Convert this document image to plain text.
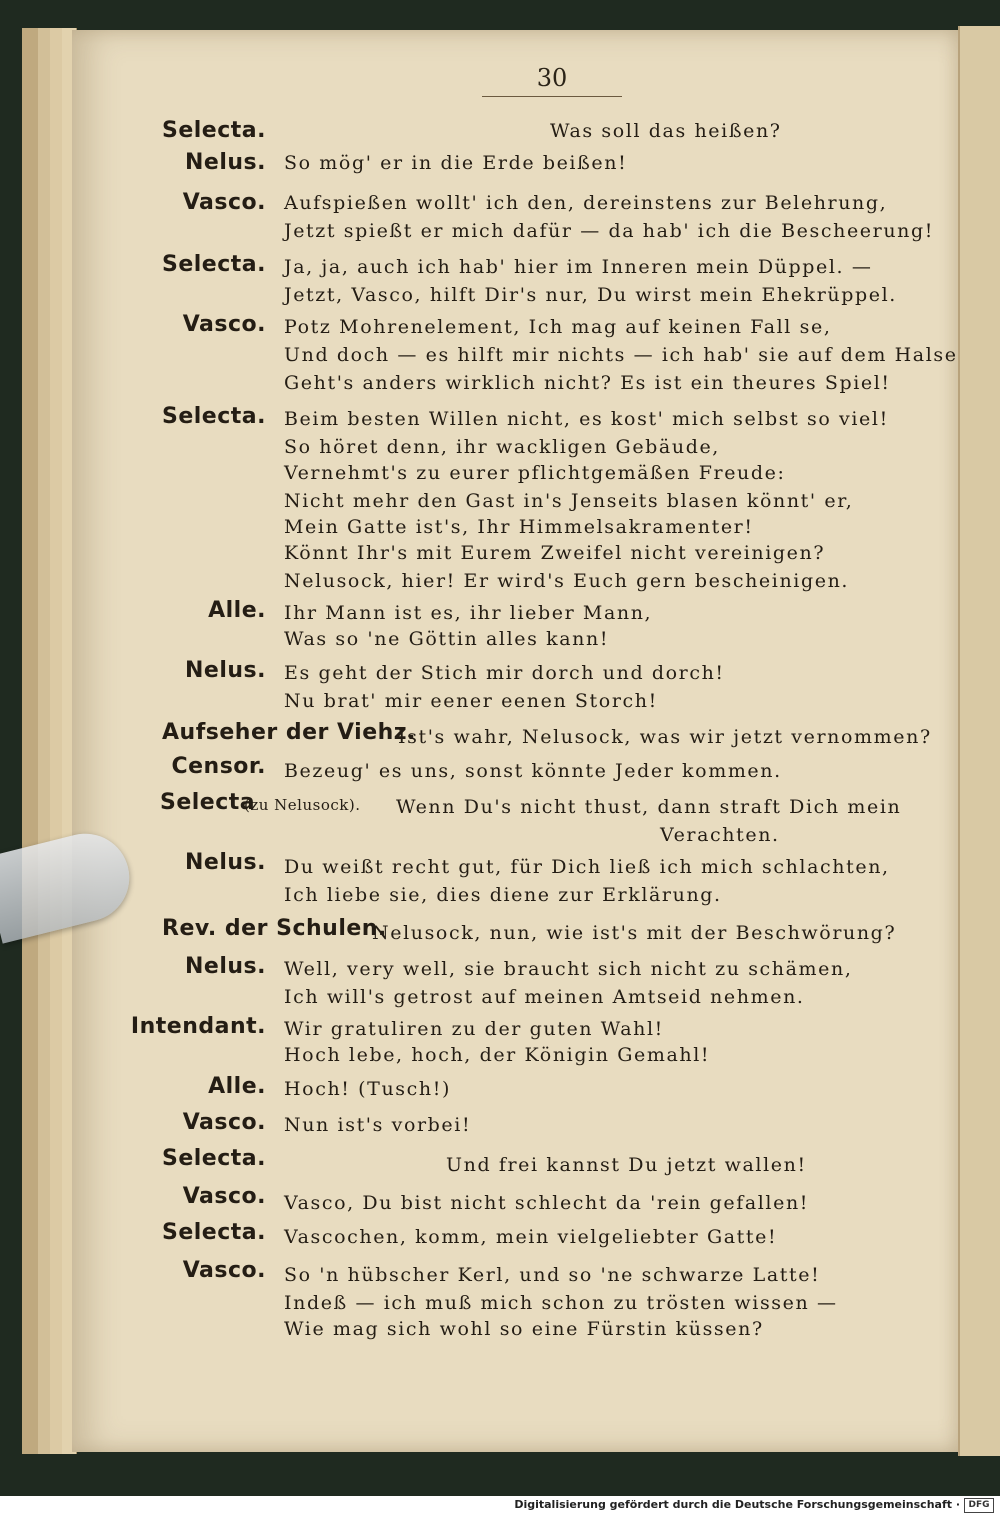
30
Selecta.	Was soll das heißen?
Nelus. So mög' er in die Erde beißen!
Vasco. Aufspießen wollt' ich den, dereinstens zur Belehrung,
Jetzt spießt er mich dafür — da hab' ich die Bescheerung!
Selecta. Ja, ja, auch ich hab' hier im Inneren mein Düppel. —
Jetzt, Vasco, hilft Dir's nur, Du wirst mein Ehekrüppel.
Vasco. Potz Mohrenelement, Ich mag auf keinen Fall se,
Und doch — es hilft mir nichts — ich hab' sie auf dem Halse
Geht's anders wirklich nicht? Es ist ein theures Spiel!
Selecta. Beim besten Willen nicht, es kost' mich selbst so viel!
So höret denn, ihr wackligen Gebäude,
Vernehmt's zu eurer pflichtgemäßen Freude:
Nicht mehr den Gast in's Jenseits blasen könnt' er,
Mein Gatte ist's, Ihr Himmelsakramenter!
Könnt Ihr's mit Eurem Zweifel nicht vereinigen?
Nelusock, hier! Er wird's Euch gern bescheinigen.
Alle. Ihr Mann ist es, ihr lieber Mann,
Was so 'ne Göttin alles kann!
Nelus. Es geht der Stich mir dorch und dorch!
Nu brat' mir eener eenen Storch!
Aufseher der Viehz.
Ist's wahr, Nelusock, was wir jetzt vernommen?
Censor. Bezeug' es uns, sonst könnte Jeder kommen.
Selecta
(zu Nelusock). Wenn Du's nicht thust, dann straft Dich mein
Verachten.
Nelus. Du weißt recht gut, für Dich ließ ich mich schlachten,
Ich liebe sie, dies diene zur Erklärung.
Rev. der Schulen.
Nelusock, nun, wie ist's mit der Beschwörung?
Nelus. Well, very well, sie braucht sich nicht zu schämen,
Ich will's getrost auf meinen Amtseid nehmen.
Intendant. Wir gratuliren zu der guten Wahl!
Hoch lebe, hoch, der Königin Gemahl!
Alle. Hoch! (Tusch!)
Vasco. Nun ist's vorbei!
Selecta.	Und frei kannst Du jetzt wallen!
Vasco. Vasco, Du bist nicht schlecht da 'rein gefallen!
Selecta. Vascochen, komm, mein vielgeliebter Gatte!
Vasco. So 'n hübscher Kerl, und so 'ne schwarze Latte!
Indeß — ich muß mich schon zu trösten wissen —
Wie mag sich wohl so eine Fürstin küssen?
Digitalisierung gefördert durch die Deutsche Forschungsgemeinschaft · DFG
